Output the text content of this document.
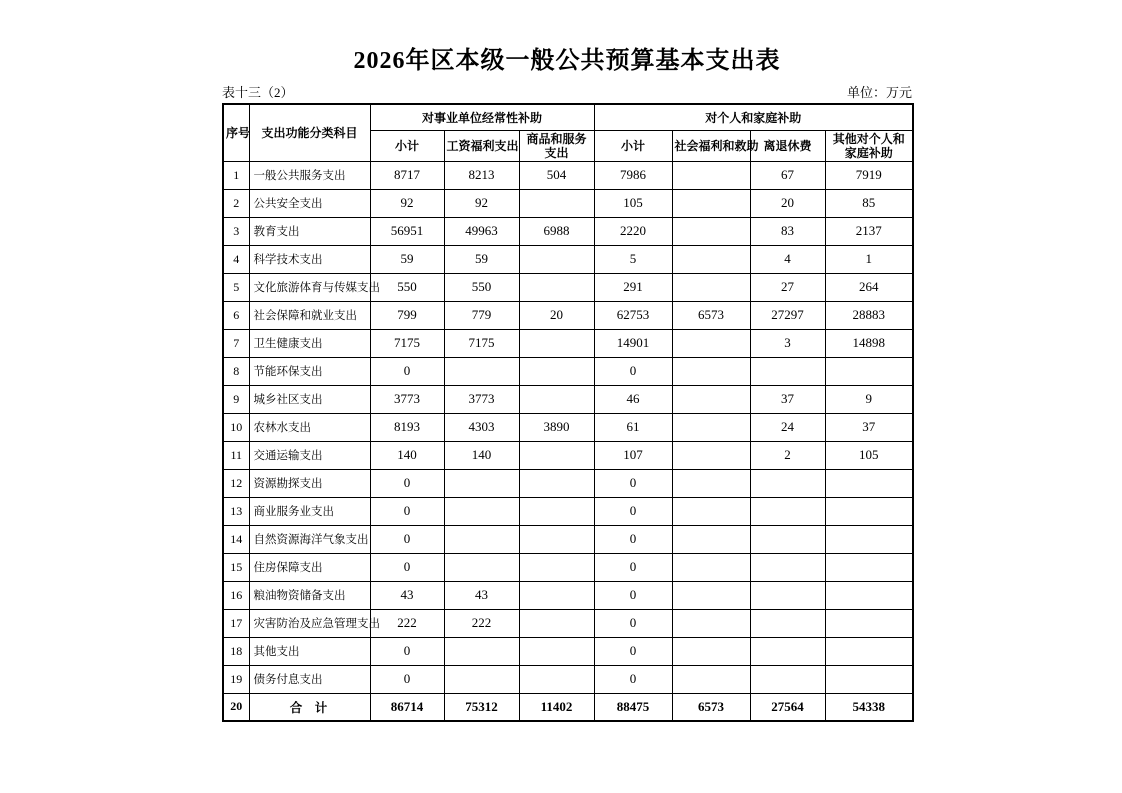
2026年区本级一般公共预算基本支出表
表十三（2）	单位：万元
序号	支出功能分类科目	对事业单位经常性补助			对个人和家庭补助			
		小计	工资福利支出	商品和服务支出	小计	社会福利和救助	离退休费	其他对个人和家庭补助
1	一般公共服务支出	8717	8213	504	7986		67	7919
2	公共安全支出	92	92		105		20	85
3	教育支出	56951	49963	6988	2220		83	2137
4	科学技术支出	59	59		5		4	1
5	文化旅游体育与传媒支出	550	550		291		27	264
6	社会保障和就业支出	799	779	20	62753	6573	27297	28883
7	卫生健康支出	7175	7175		14901		3	14898
8	节能环保支出	0			0			
9	城乡社区支出	3773	3773		46		37	9
10	农林水支出	8193	4303	3890	61		24	37
11	交通运输支出	140	140		107		2	105
12	资源勘探支出	0			0			
13	商业服务业支出	0			0			
14	自然资源海洋气象支出	0			0			
15	住房保障支出	0			0			
16	粮油物资储备支出	43	43		0			
17	灾害防治及应急管理支出	222	222		0			
18	其他支出	0			0			
19	债务付息支出	0			0			
20	合　计	86714	75312	11402	88475	6573	27564	54338
